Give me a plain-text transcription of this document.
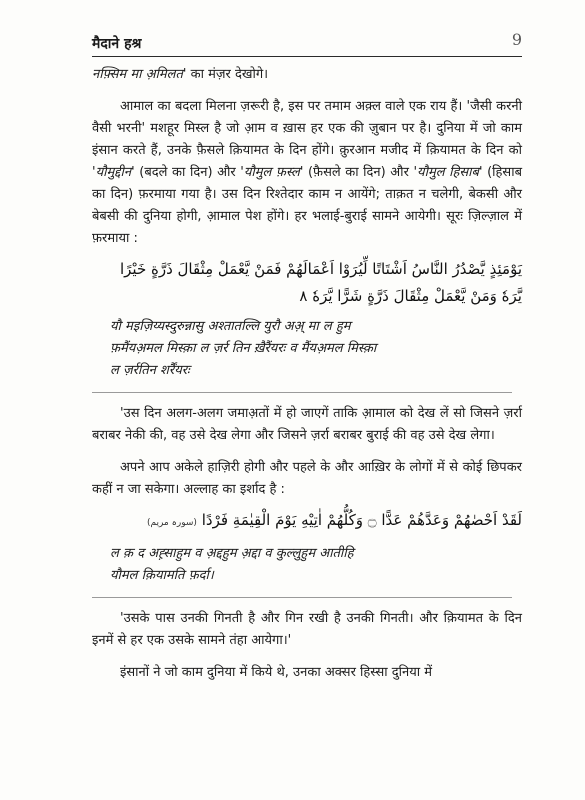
मैदाने हश्र	9

नफ़्सिम मा अ़मिलत' का मंज़र देखोगे।

आमाल का बदला मिलना ज़रूरी है, इस पर तमाम अक़्ल वाले एक राय हैं। 'जैसी करनी वैसी भरनी' मशहूर मिस्ल है जो आ़म व ख़ास हर एक की ज़ुबान पर है। दुनिया में जो काम इंसान करते हैं, उनके फ़ैसले क़ियामत के दिन होंगे। क़ुरआन मजीद में क़ियामत के दिन को 'यौमुद्दीन' (बदले का दिन) और 'यौमुल फ़स्ल' (फ़ैसले का दिन) और 'यौमुल हिसाब' (हिसाब का दिन) फ़रमाया गया है। उस दिन रिश्तेदार काम न आयेंगे; ताक़त न चलेगी, बेकसी और बेबसी की दुनिया होगी, आ़माल पेश होंगे। हर भलाई-बुराई सामने आयेगी। सूरः ज़िल्ज़ाल में फ़रमाया :

يَوْمَئِذٍ يَّصْدُرُ النَّاسُ اَشْتَاتًا لِّيُرَوْا اَعْمَالَهُمْ فَمَنْ يَّعْمَلْ مِثْقَالَ ذَرَّةٍ خَيْرًا يَّرَهٗ وَمَنْ يَّعْمَلْ مِثْقَالَ ذَرَّةٍ شَرًّا يَّرَهٗ ۸
यौ मइज़िय्यस्दुरुन्नासु अश्तातल्लि युरौ अअ़् मा ल हुम
फ़मैंयअ़मल मिस्क़ा ल ज़र्र तिन ख़ैरैंयरः व मैंयअ़मल मिस्क़ा
ल ज़र्रतिन शर्रैंयरः

'उस दिन अलग-अलग जमाअ़तों में हो जाएगें ताकि आ़माल को देख लें सो जिसने ज़र्रा बराबर नेकी की, वह उसे देख लेगा और जिसने ज़र्रा बराबर बुराई की वह उसे देख लेगा।

अपने आप अकेले हाज़िरी होगी और पहले के और आख़िर के लोगों में से कोई छिपकर कहीं न जा सकेगा। अल्लाह का इर्शाद है :

لَقَدْ اَحْصٰهُمْ وَعَدَّهُمْ عَدًّا ۝ وَكُلُّهُمْ اٰتِيْهِ يَوْمَ الْقِيٰمَةِ فَرْدًا (سورہ مریم)
ल क़ द अह़्साहुम व अ़द्दहुम अ़द्दा व कुल्लुहुम आतीहि
यौमल क़ियामति फ़र्दा।

'उसके पास उनकी गिनती है और गिन रखी है उनकी गिनती। और क़ियामत के दिन इनमें से हर एक उसके सामने तंहा आयेगा।'

इंसानों ने जो काम दुनिया में किये थे, उनका अक्सर हिस्सा दुनिया में
